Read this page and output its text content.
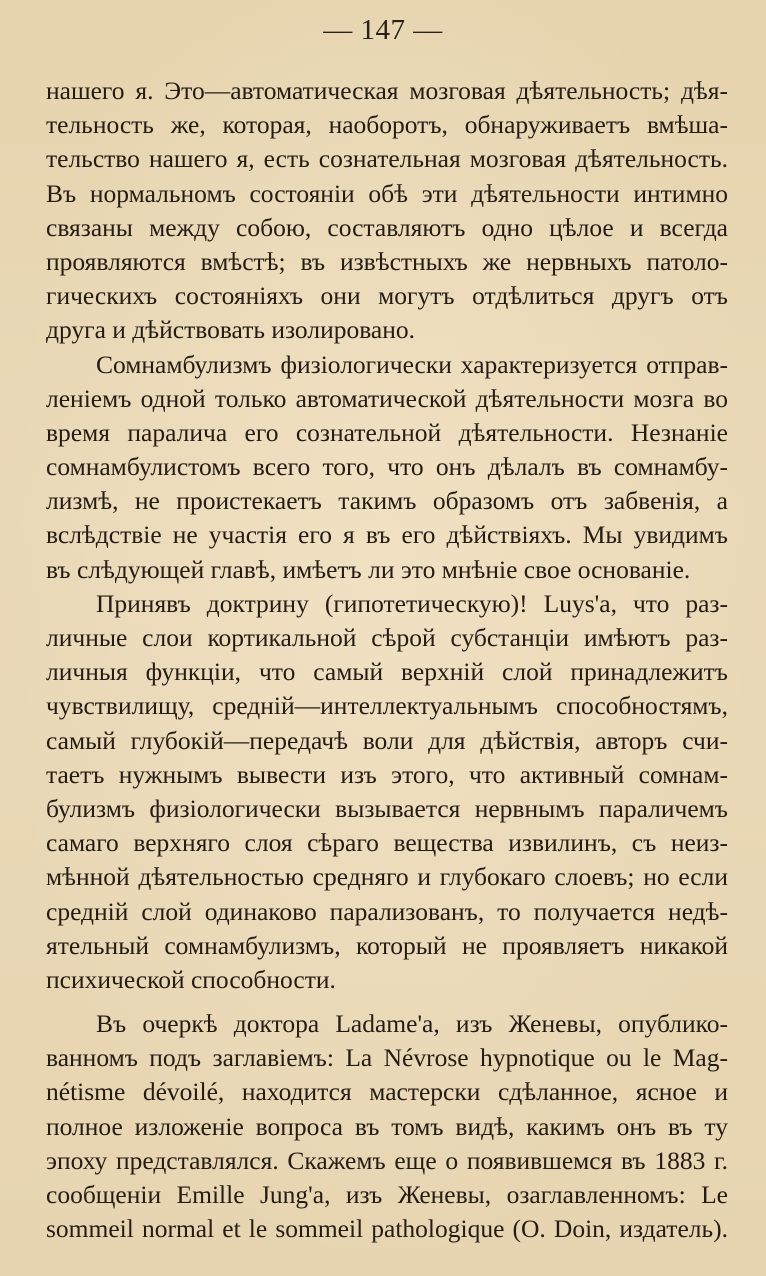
— 147 —
нашего я. Это—автоматическая мозговая дѣятельность; дѣя-
тельность же, которая, наоборотъ, обнаруживаетъ вмѣша-
тельство нашего я, есть сознательная мозговая дѣятельность.
Въ нормальномъ состояніи обѣ эти дѣятельности интимно
связаны между собою, составляютъ одно цѣлое и всегда
проявляются вмѣстѣ; въ извѣстныхъ же нервныхъ патоло-
гическихъ состояніяхъ они могутъ отдѣлиться другъ отъ
друга и дѣйствовать изолировано.
Сомнамбулизмъ физіологически характеризуется отправ-
леніемъ одной только автоматической дѣятельности мозга во
время паралича его сознательной дѣятельности. Незнаніе
сомнамбулистомъ всего того, что онъ дѣлалъ въ сомнамбу-
лизмѣ, не проистекаетъ такимъ образомъ отъ забвенія, а
вслѣдствіе не участія его я въ его дѣйствіяхъ. Мы увидимъ
въ слѣдующей главѣ, имѣетъ ли это мнѣніе свое основаніе.
Принявъ доктрину (гипотетическую)! Luys'a, что раз-
личные слои кортикальной сѣрой субстанціи имѣютъ раз-
личныя функціи, что самый верхній слой принадлежитъ
чувствилищу, средній—интеллектуальнымъ способностямъ,
самый глубокій—передачѣ воли для дѣйствія, авторъ счи-
таетъ нужнымъ вывести изъ этого, что активный сомнам-
булизмъ физіологически вызывается нервнымъ параличемъ
самаго верхняго слоя сѣраго вещества извилинъ, съ неиз-
мѣнной дѣятельностью средняго и глубокаго слоевъ; но если
средній слой одинаково парализованъ, то получается недѣ-
ятельный сомнамбулизмъ, который не проявляетъ никакой
психической способности.
Въ очеркѣ доктора Ladame'a, изъ Женевы, опублико-
ванномъ подъ заглавіемъ: La Névrose hypnotique ou le Mag-
nétisme dévoilé, находится мастерски сдѣланное, ясное и
полное изложеніе вопроса въ томъ видѣ, какимъ онъ въ ту
эпоху представлялся. Скажемъ еще о появившемся въ 1883 г.
сообщеніи Emille Jung'a, изъ Женевы, озаглавленномъ: Le
sommeil normal et le sommeil pathologique (O. Doin, издатель).
